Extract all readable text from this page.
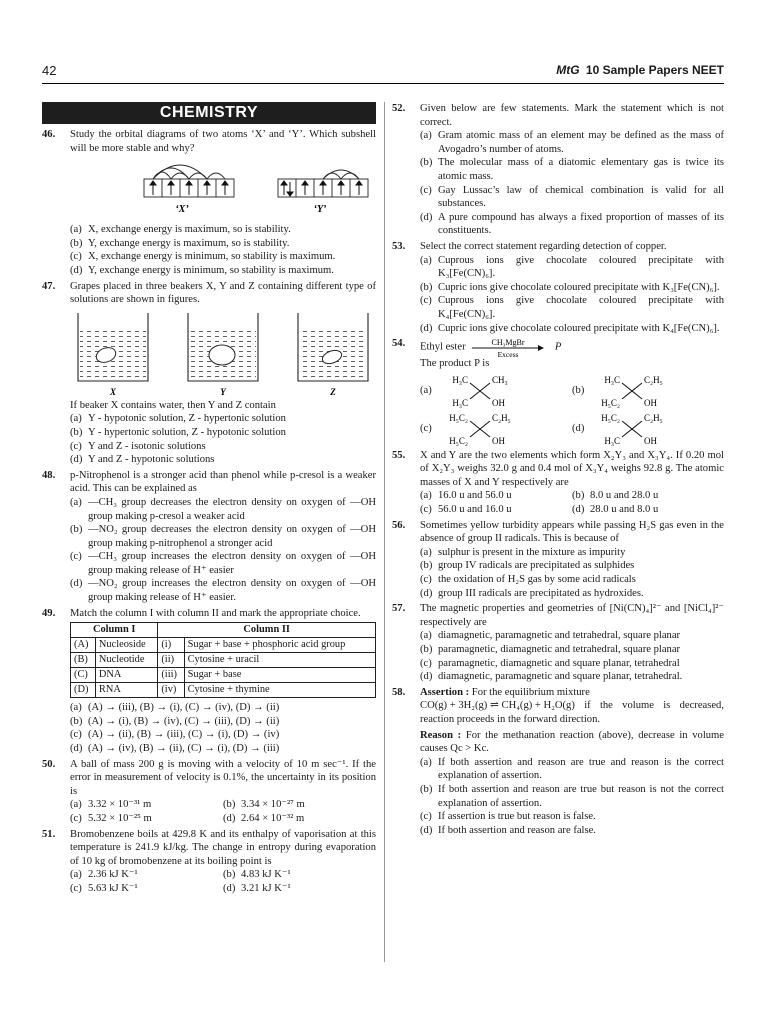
42	MtG 10 Sample Papers NEET
CHEMISTRY
46. Study the orbital diagrams of two atoms ‘X’ and ‘Y’. Which subshell will be more stable and why?
‘X’	‘Y’
(a) X, exchange energy is maximum, so is stability.
(b) Y, exchange energy is maximum, so is stability.
(c) X, exchange energy is minimum, so stability is maximum.
(d) Y, exchange energy is minimum, so stability is maximum.
47. Grapes placed in three beakers X, Y and Z containing different type of solutions are shown in figures.
X	Y	Z
If beaker X contains water, then Y and Z contain
(a) Y - hypotonic solution, Z - hypertonic solution
(b) Y - hypertonic solution, Z - hypotonic solution
(c) Y and Z - isotonic solutions
(d) Y and Z - hypotonic solutions
48. p-Nitrophenol is a stronger acid than phenol while p-cresol is a weaker acid. This can be explained as
(a) —CH₃ group decreases the electron density on oxygen of —OH group making p-cresol a weaker acid
(b) —NO₂ group decreases the electron density on oxygen of —OH group making p-nitrophenol a stronger acid
(c) —CH₃ group increases the electron density on oxygen of —OH group making release of H⁺ easier
(d) —NO₂ group increases the electron density on oxygen of —OH group making release of H⁺ easier.
49. Match the column I with column II and mark the appropriate choice.
Column I		Column II	
(A)	Nucleoside	(i)	Sugar + base + phosphoric acid group
(B)	Nucleotide	(ii)	Cytosine + uracil
(C)	DNA	(iii)	Sugar + base
(D)	RNA	(iv)	Cytosine + thymine
(a) (A) → (iii), (B) → (i), (C) → (iv), (D) → (ii)
(b) (A) → (i), (B) → (iv), (C) → (iii), (D) → (ii)
(c) (A) → (ii), (B) → (iii), (C) → (i), (D) → (iv)
(d) (A) → (iv), (B) → (ii), (C) → (i), (D) → (iii)
50. A ball of mass 200 g is moving with a velocity of 10 m sec⁻¹. If the error in measurement of velocity is 0.1%, the uncertainty in its position is
(a) 3.32 × 10⁻³¹ m	(b) 3.34 × 10⁻²⁷ m
(c) 5.32 × 10⁻²⁵ m	(d) 2.64 × 10⁻³² m
51. Bromobenzene boils at 429.8 K and its enthalpy of vaporisation at this temperature is 241.9 kJ/kg. The change in entropy during evaporation of 10 kg of bromobenzene at its boiling point is
(a) 2.36 kJ K⁻¹	(b) 4.83 kJ K⁻¹
(c) 5.63 kJ K⁻¹	(d) 3.21 kJ K⁻¹
52. Given below are few statements. Mark the statement which is not correct.
(a) Gram atomic mass of an element may be defined as the mass of Avogadro’s number of atoms.
(b) The molecular mass of a diatomic elementary gas is twice its atomic mass.
(c) Gay Lussac’s law of chemical combination is valid for all substances.
(d) A pure compound has always a fixed proportion of masses of its constituents.
53. Select the correct statement regarding detection of copper.
(a) Cuprous ions give chocolate coloured precipitate with K₃[Fe(CN)₆].
(b) Cupric ions give chocolate coloured precipitate with K₃[Fe(CN)₆].
(c) Cuprous ions give chocolate coloured precipitate with K₄[Fe(CN)₆].
(d) Cupric ions give chocolate coloured precipitate with K₄[Fe(CN)₆].
54. Ethyl ester	CH₃MgBr
Excess
P
The product P is
(a)
H₃C	CH₃
H₃C	OH
(b)
H₃C	C₂H₅
H₅C₂	OH
(c)
H₅C₂	C₂H₅
H₅C₂	OH
(d)
H₅C₂	C₂H₅
H₃C	OH
55. X and Y are the two elements which form X₂Y₃ and X₃Y₄. If 0.20 mol of X₂Y₃ weighs 32.0 g and 0.4 mol of X₃Y₄ weighs 92.8 g. The atomic masses of X and Y respectively are
(a) 16.0 u and 56.0 u	(b) 8.0 u and 28.0 u
(c) 56.0 u and 16.0 u	(d) 28.0 u and 8.0 u
56. Sometimes yellow turbidity appears while passing H₂S gas even in the absence of group II radicals. This is because of
(a) sulphur is present in the mixture as impurity
(b) group IV radicals are precipitated as sulphides
(c) the oxidation of H₂S gas by some acid radicals
(d) group III radicals are precipitated as hydroxides.
57. The magnetic properties and geometries of [Ni(CN)₄]²⁻ and [NiCl₄]²⁻ respectively are
(a) diamagnetic, paramagnetic and tetrahedral, square planar
(b) paramagnetic, diamagnetic and tetrahedral, square planar
(c) paramagnetic, diamagnetic and square planar, tetrahedral
(d) diamagnetic, paramagnetic and square planar, tetrahedral.
58. Assertion : For the equilibrium mixture
CO(g) + 3H₂(g) ⇌ CH₄(g) + H₂O(g) if the volume is decreased, reaction proceeds in the forward direction.
Reason : For the methanation reaction (above), decrease in volume causes Qc > Kc.
(a) If both assertion and reason are true and reason is the correct explanation of assertion.
(b) If both assertion and reason are true but reason is not the correct explanation of assertion.
(c) If assertion is true but reason is false.
(d) If both assertion and reason are false.
